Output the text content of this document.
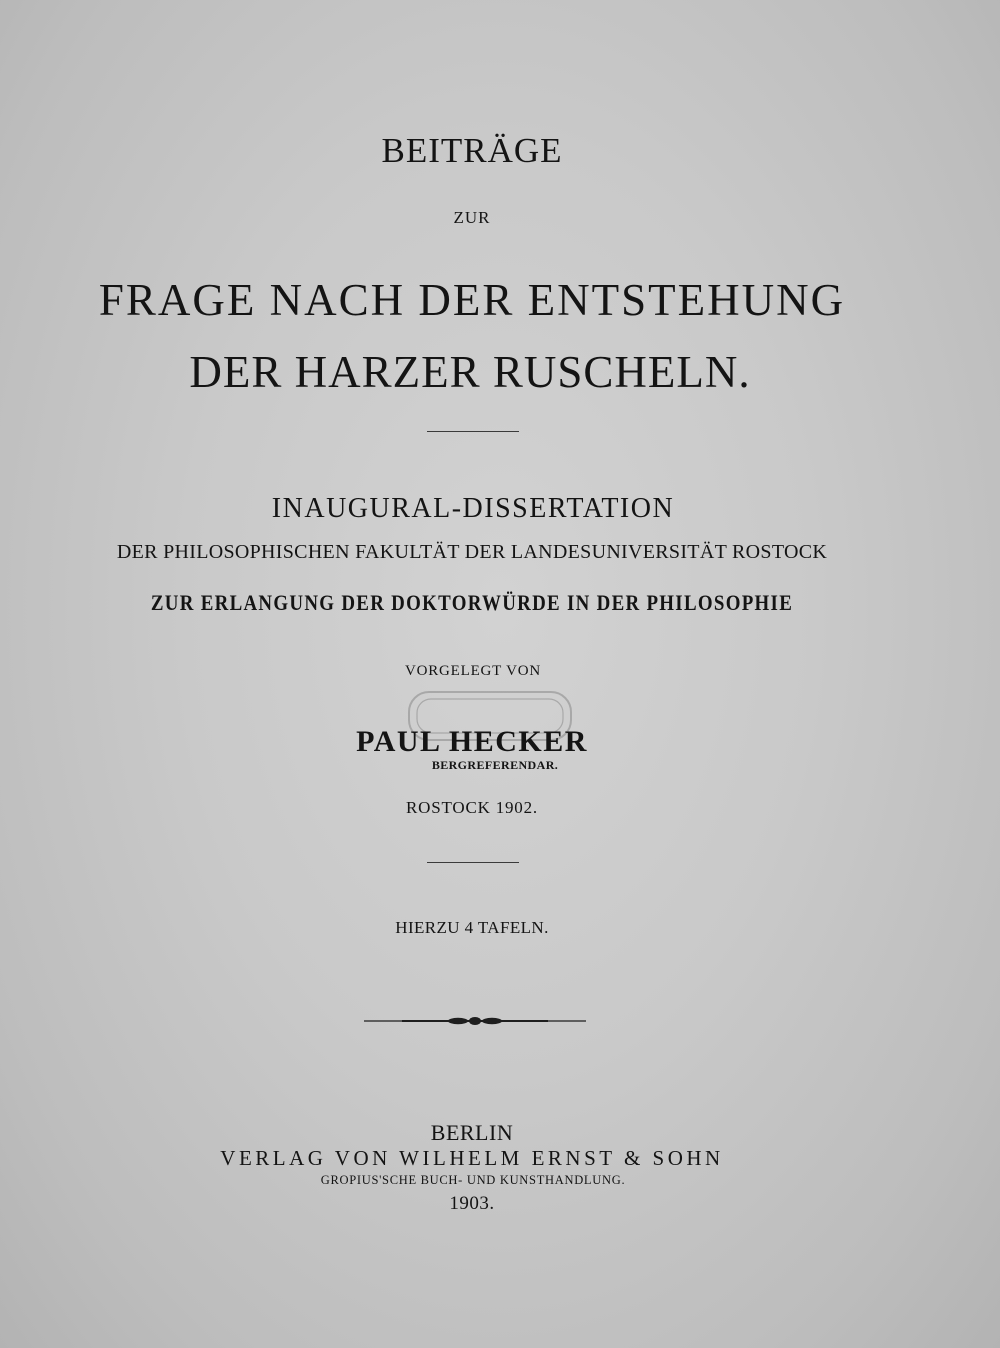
BEITRÄGE
ZUR
FRAGE NACH DER ENTSTEHUNG
DER HARZER RUSCHELN.
INAUGURAL-DISSERTATION
DER PHILOSOPHISCHEN FAKULTÄT DER LANDESUNIVERSITÄT ROSTOCK
ZUR ERLANGUNG DER DOKTORWÜRDE IN DER PHILOSOPHIE
VORGELEGT VON
PAUL HECKER
BERGREFERENDAR.
ROSTOCK 1902.
HIERZU 4 TAFELN.
BERLIN
VERLAG VON WILHELM ERNST & SOHN
GROPIUS'SCHE BUCH- UND KUNSTHANDLUNG.
1903.
